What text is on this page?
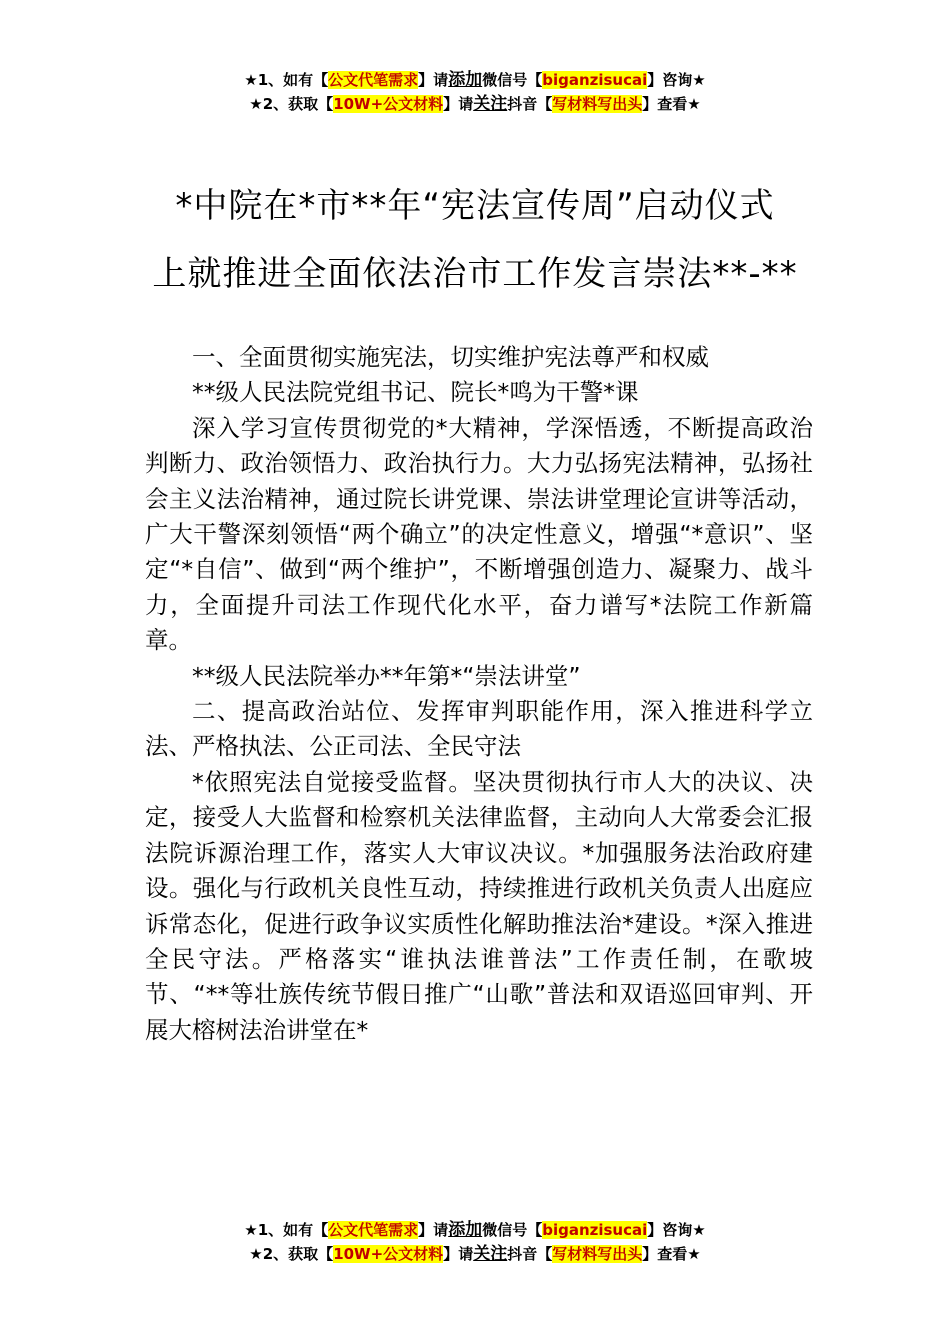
★1、如有【公文代笔需求】请添加微信号【biganzisucai】咨询★
★2、获取【10W+公文材料】请关注抖音【写材料写出头】查看★
*中院在*市**年“宪法宣传周”启动仪式
上就推进全面依法治市工作发言崇法**-**

一、全面贯彻实施宪法，切实维护宪法尊严和权威

**级人民法院党组书记、院长*鸣为干警*课

深入学习宣传贯彻党的*大精神，学深悟透，不断提高政治判断力、政治领悟力、政治执行力。大力弘扬宪法精神，弘扬社会主义法治精神，通过院长讲党课、崇法讲堂理论宣讲等活动，广大干警深刻领悟“两个确立”的决定性意义，增强“*意识”、坚定“*自信”、做到“两个维护”，不断增强创造力、凝聚力、战斗力，全面提升司法工作现代化水平，奋力谱写*法院工作新篇章。

**级人民法院举办**年第*“崇法讲堂”

二、提高政治站位、发挥审判职能作用，深入推进科学立法、严格执法、公正司法、全民守法

*依照宪法自觉接受监督。坚决贯彻执行市人大的决议、决定，接受人大监督和检察机关法律监督，主动向人大常委会汇报法院诉源治理工作，落实人大审议决议。*加强服务法治政府建设。强化与行政机关良性互动，持续推进行政机关负责人出庭应诉常态化，促进行政争议实质性化解助推法治*建设。*深入推进全民守法。严格落实“谁执法谁普法”工作责任制，在歌坡节、“**等壮族传统节假日推广“山歌”普法和双语巡回审判、开展大榕树法治讲堂在*

★1、如有【公文代笔需求】请添加微信号【biganzisucai】咨询★
★2、获取【10W+公文材料】请关注抖音【写材料写出头】查看★
